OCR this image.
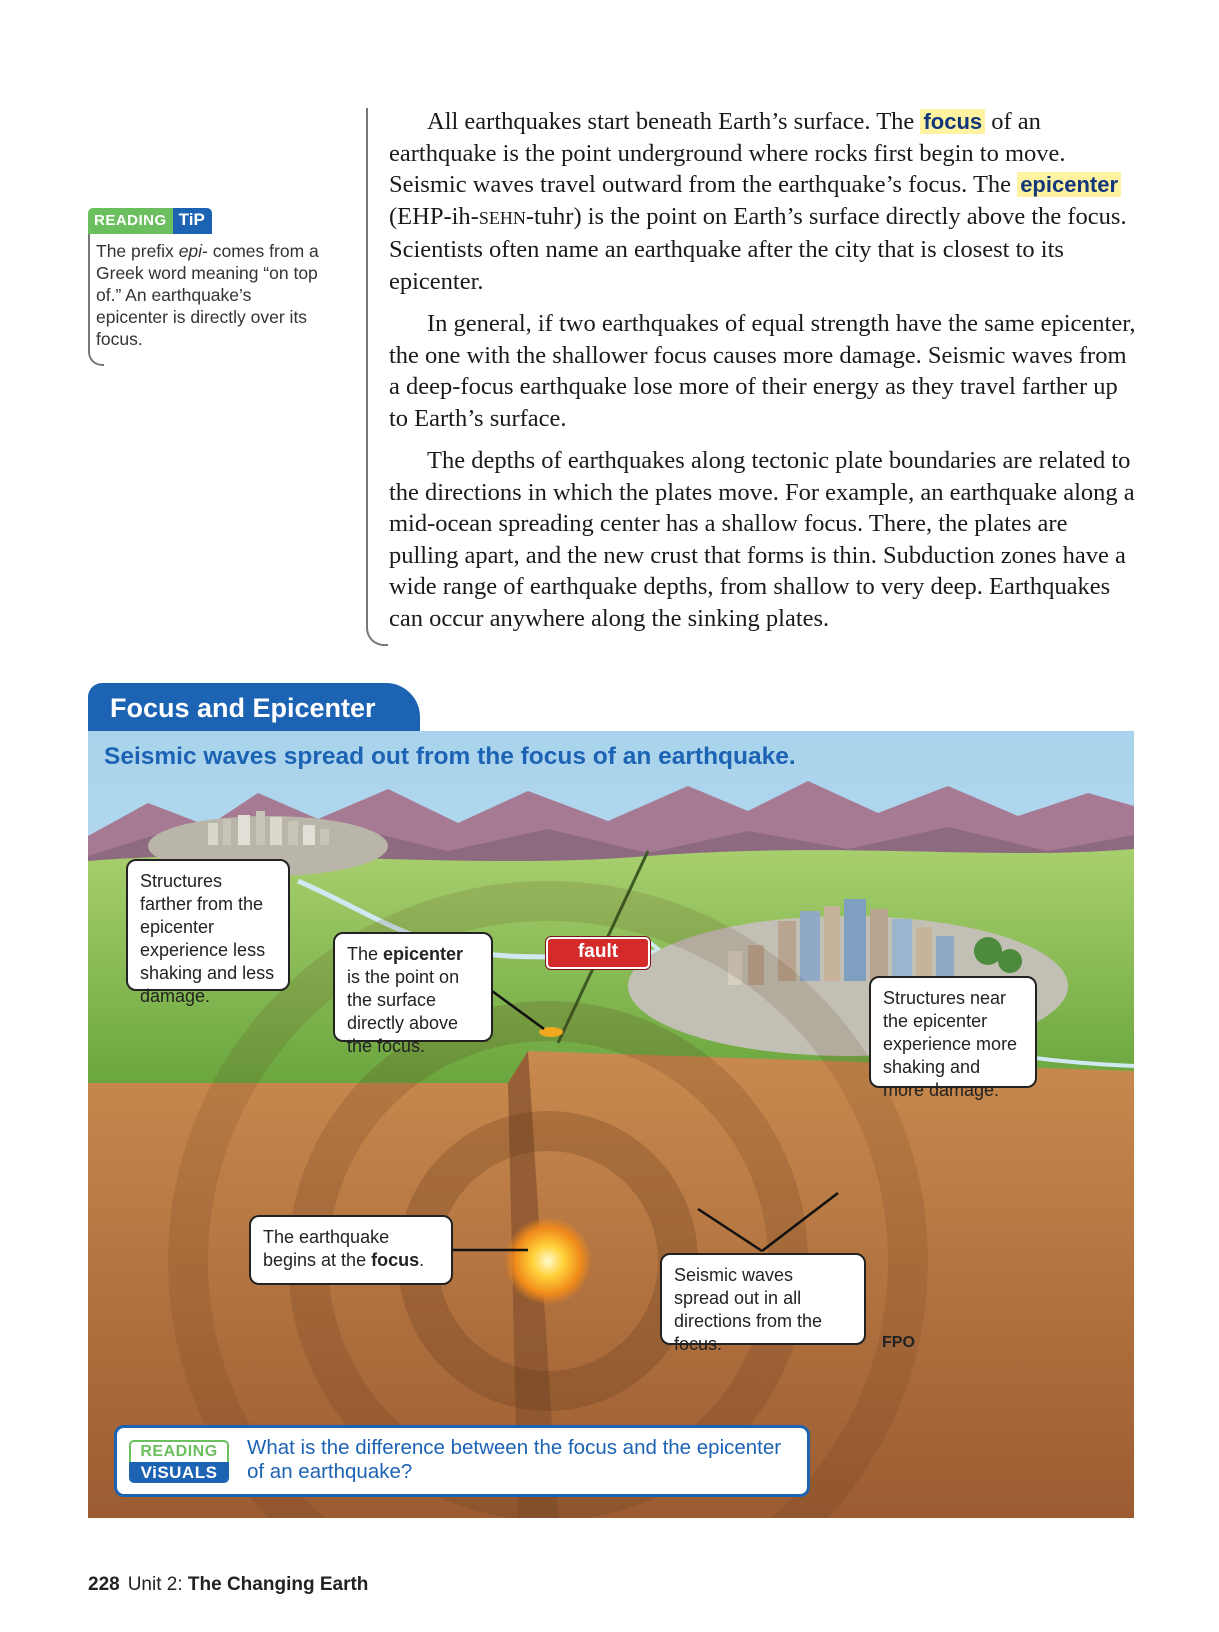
READING TiP
The prefix epi- comes from a Greek word meaning “on top of.” An earthquake’s epicenter is directly over its focus.

All earthquakes start beneath Earth’s surface. The focus of an earthquake is the point underground where rocks first begin to move. Seismic waves travel outward from the earthquake’s focus. The epicenter (EHP-ih-SEHN-tuhr) is the point on Earth’s surface directly above the focus. Scientists often name an earthquake after the city that is closest to its epicenter.

In general, if two earthquakes of equal strength have the same epicenter, the one with the shallower focus causes more damage. Seismic waves from a deep-focus earthquake lose more of their energy as they travel farther up to Earth’s surface.

The depths of earthquakes along tectonic plate boundaries are related to the directions in which the plates move. For example, an earthquake along a mid-ocean spreading center has a shallow focus. There, the plates are pulling apart, and the new crust that forms is thin. Subduction zones have a wide range of earthquake depths, from shallow to very deep. Earthquakes can occur anywhere along the sinking plates.

Focus and Epicenter
Seismic waves spread out from the focus of an earthquake.
fault
Structures farther from the epicenter experience less shaking and less damage.
The epicenter is the point on the surface directly above the focus.
Structures near the epicenter experience more shaking and more damage.
The earthquake begins at the focus.
Seismic waves spread out in all directions from the focus.	FPO
READING
ViSUALS
What is the difference between the focus and the epicenter of an earthquake?
228 Unit 2: The Changing Earth
